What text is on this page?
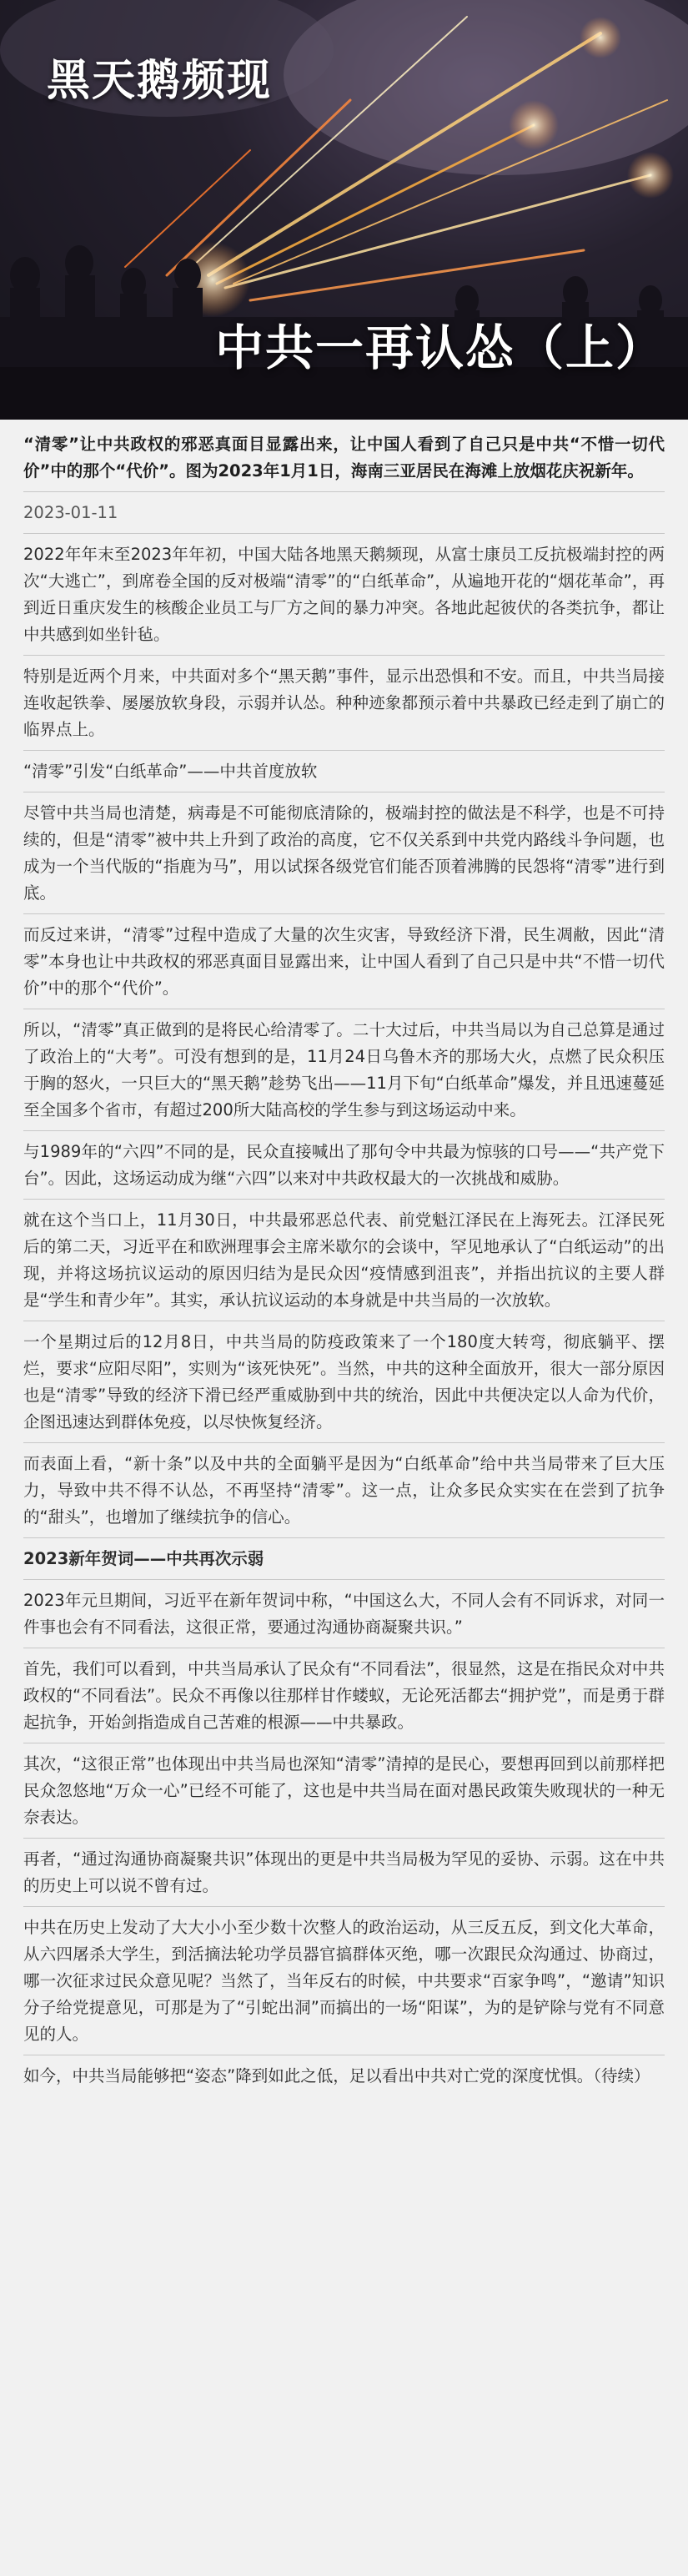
黑天鹅频现
中共一再认怂（上）

“清零”让中共政权的邪恶真面目显露出来，让中国人看到了自己只是中共“不惜一切代价”中的那个“代价”。图为2023年1月1日，海南三亚居民在海滩上放烟花庆祝新年。

2023-01-11

2022年年末至2023年年初，中国大陆各地黑天鹅频现，从富士康员工反抗极端封控的两次“大逃亡”，到席卷全国的反对极端“清零”的“白纸革命”，从遍地开花的“烟花革命”，再到近日重庆发生的核酸企业员工与厂方之间的暴力冲突。各地此起彼伏的各类抗争，都让中共感到如坐针毡。

特别是近两个月来，中共面对多个“黑天鹅”事件，显示出恐惧和不安。而且，中共当局接连收起铁拳、屡屡放软身段，示弱并认怂。种种迹象都预示着中共暴政已经走到了崩亡的临界点上。

“清零”引发“白纸革命”——中共首度放软

尽管中共当局也清楚，病毒是不可能彻底清除的，极端封控的做法是不科学，也是不可持续的，但是“清零”被中共上升到了政治的高度，它不仅关系到中共党内路线斗争问题，也成为一个当代版的“指鹿为马”，用以试探各级党官们能否顶着沸腾的民怨将“清零”进行到底。

而反过来讲，“清零”过程中造成了大量的次生灾害，导致经济下滑，民生凋敝，因此“清零”本身也让中共政权的邪恶真面目显露出来，让中国人看到了自己只是中共“不惜一切代价”中的那个“代价”。

所以，“清零”真正做到的是将民心给清零了。二十大过后，中共当局以为自己总算是通过了政治上的“大考”。可没有想到的是，11月24日乌鲁木齐的那场大火，点燃了民众积压于胸的怒火，一只巨大的“黑天鹅”趁势飞出——11月下旬“白纸革命”爆发，并且迅速蔓延至全国多个省市，有超过200所大陆高校的学生参与到这场运动中来。

与1989年的“六四”不同的是，民众直接喊出了那句令中共最为惊骇的口号——“共产党下台”。因此，这场运动成为继“六四”以来对中共政权最大的一次挑战和威胁。

就在这个当口上，11月30日，中共最邪恶总代表、前党魁江泽民在上海死去。江泽民死后的第二天，习近平在和欧洲理事会主席米歇尔的会谈中，罕见地承认了“白纸运动”的出现，并将这场抗议运动的原因归结为是民众因“疫情感到沮丧”，并指出抗议的主要人群是“学生和青少年”。其实，承认抗议运动的本身就是中共当局的一次放软。

一个星期过后的12月8日，中共当局的防疫政策来了一个180度大转弯，彻底躺平、摆烂，要求“应阳尽阳”，实则为“该死快死”。当然，中共的这种全面放开，很大一部分原因也是“清零”导致的经济下滑已经严重威胁到中共的统治，因此中共便决定以人命为代价，企图迅速达到群体免疫，以尽快恢复经济。

而表面上看，“新十条”以及中共的全面躺平是因为“白纸革命”给中共当局带来了巨大压力，导致中共不得不认怂，不再坚持“清零”。这一点，让众多民众实实在在尝到了抗争的“甜头”，也增加了继续抗争的信心。

2023新年贺词——中共再次示弱

2023年元旦期间，习近平在新年贺词中称，“中国这么大，不同人会有不同诉求，对同一件事也会有不同看法，这很正常，要通过沟通协商凝聚共识。”

首先，我们可以看到，中共当局承认了民众有“不同看法”，很显然，这是在指民众对中共政权的“不同看法”。民众不再像以往那样甘作蝼蚁，无论死活都去“拥护党”，而是勇于群起抗争，开始剑指造成自己苦难的根源——中共暴政。

其次，“这很正常”也体现出中共当局也深知“清零”清掉的是民心，要想再回到以前那样把民众忽悠地“万众一心”已经不可能了，这也是中共当局在面对愚民政策失败现状的一种无奈表达。

再者，“通过沟通协商凝聚共识”体现出的更是中共当局极为罕见的妥协、示弱。这在中共的历史上可以说不曾有过。

中共在历史上发动了大大小小至少数十次整人的政治运动，从三反五反，到文化大革命，从六四屠杀大学生，到活摘法轮功学员器官搞群体灭绝，哪一次跟民众沟通过、协商过，哪一次征求过民众意见呢？当然了，当年反右的时候，中共要求“百家争鸣”，“邀请”知识分子给党提意见，可那是为了“引蛇出洞”而搞出的一场“阳谋”，为的是铲除与党有不同意见的人。

如今，中共当局能够把“姿态”降到如此之低，足以看出中共对亡党的深度忧惧。（待续）
